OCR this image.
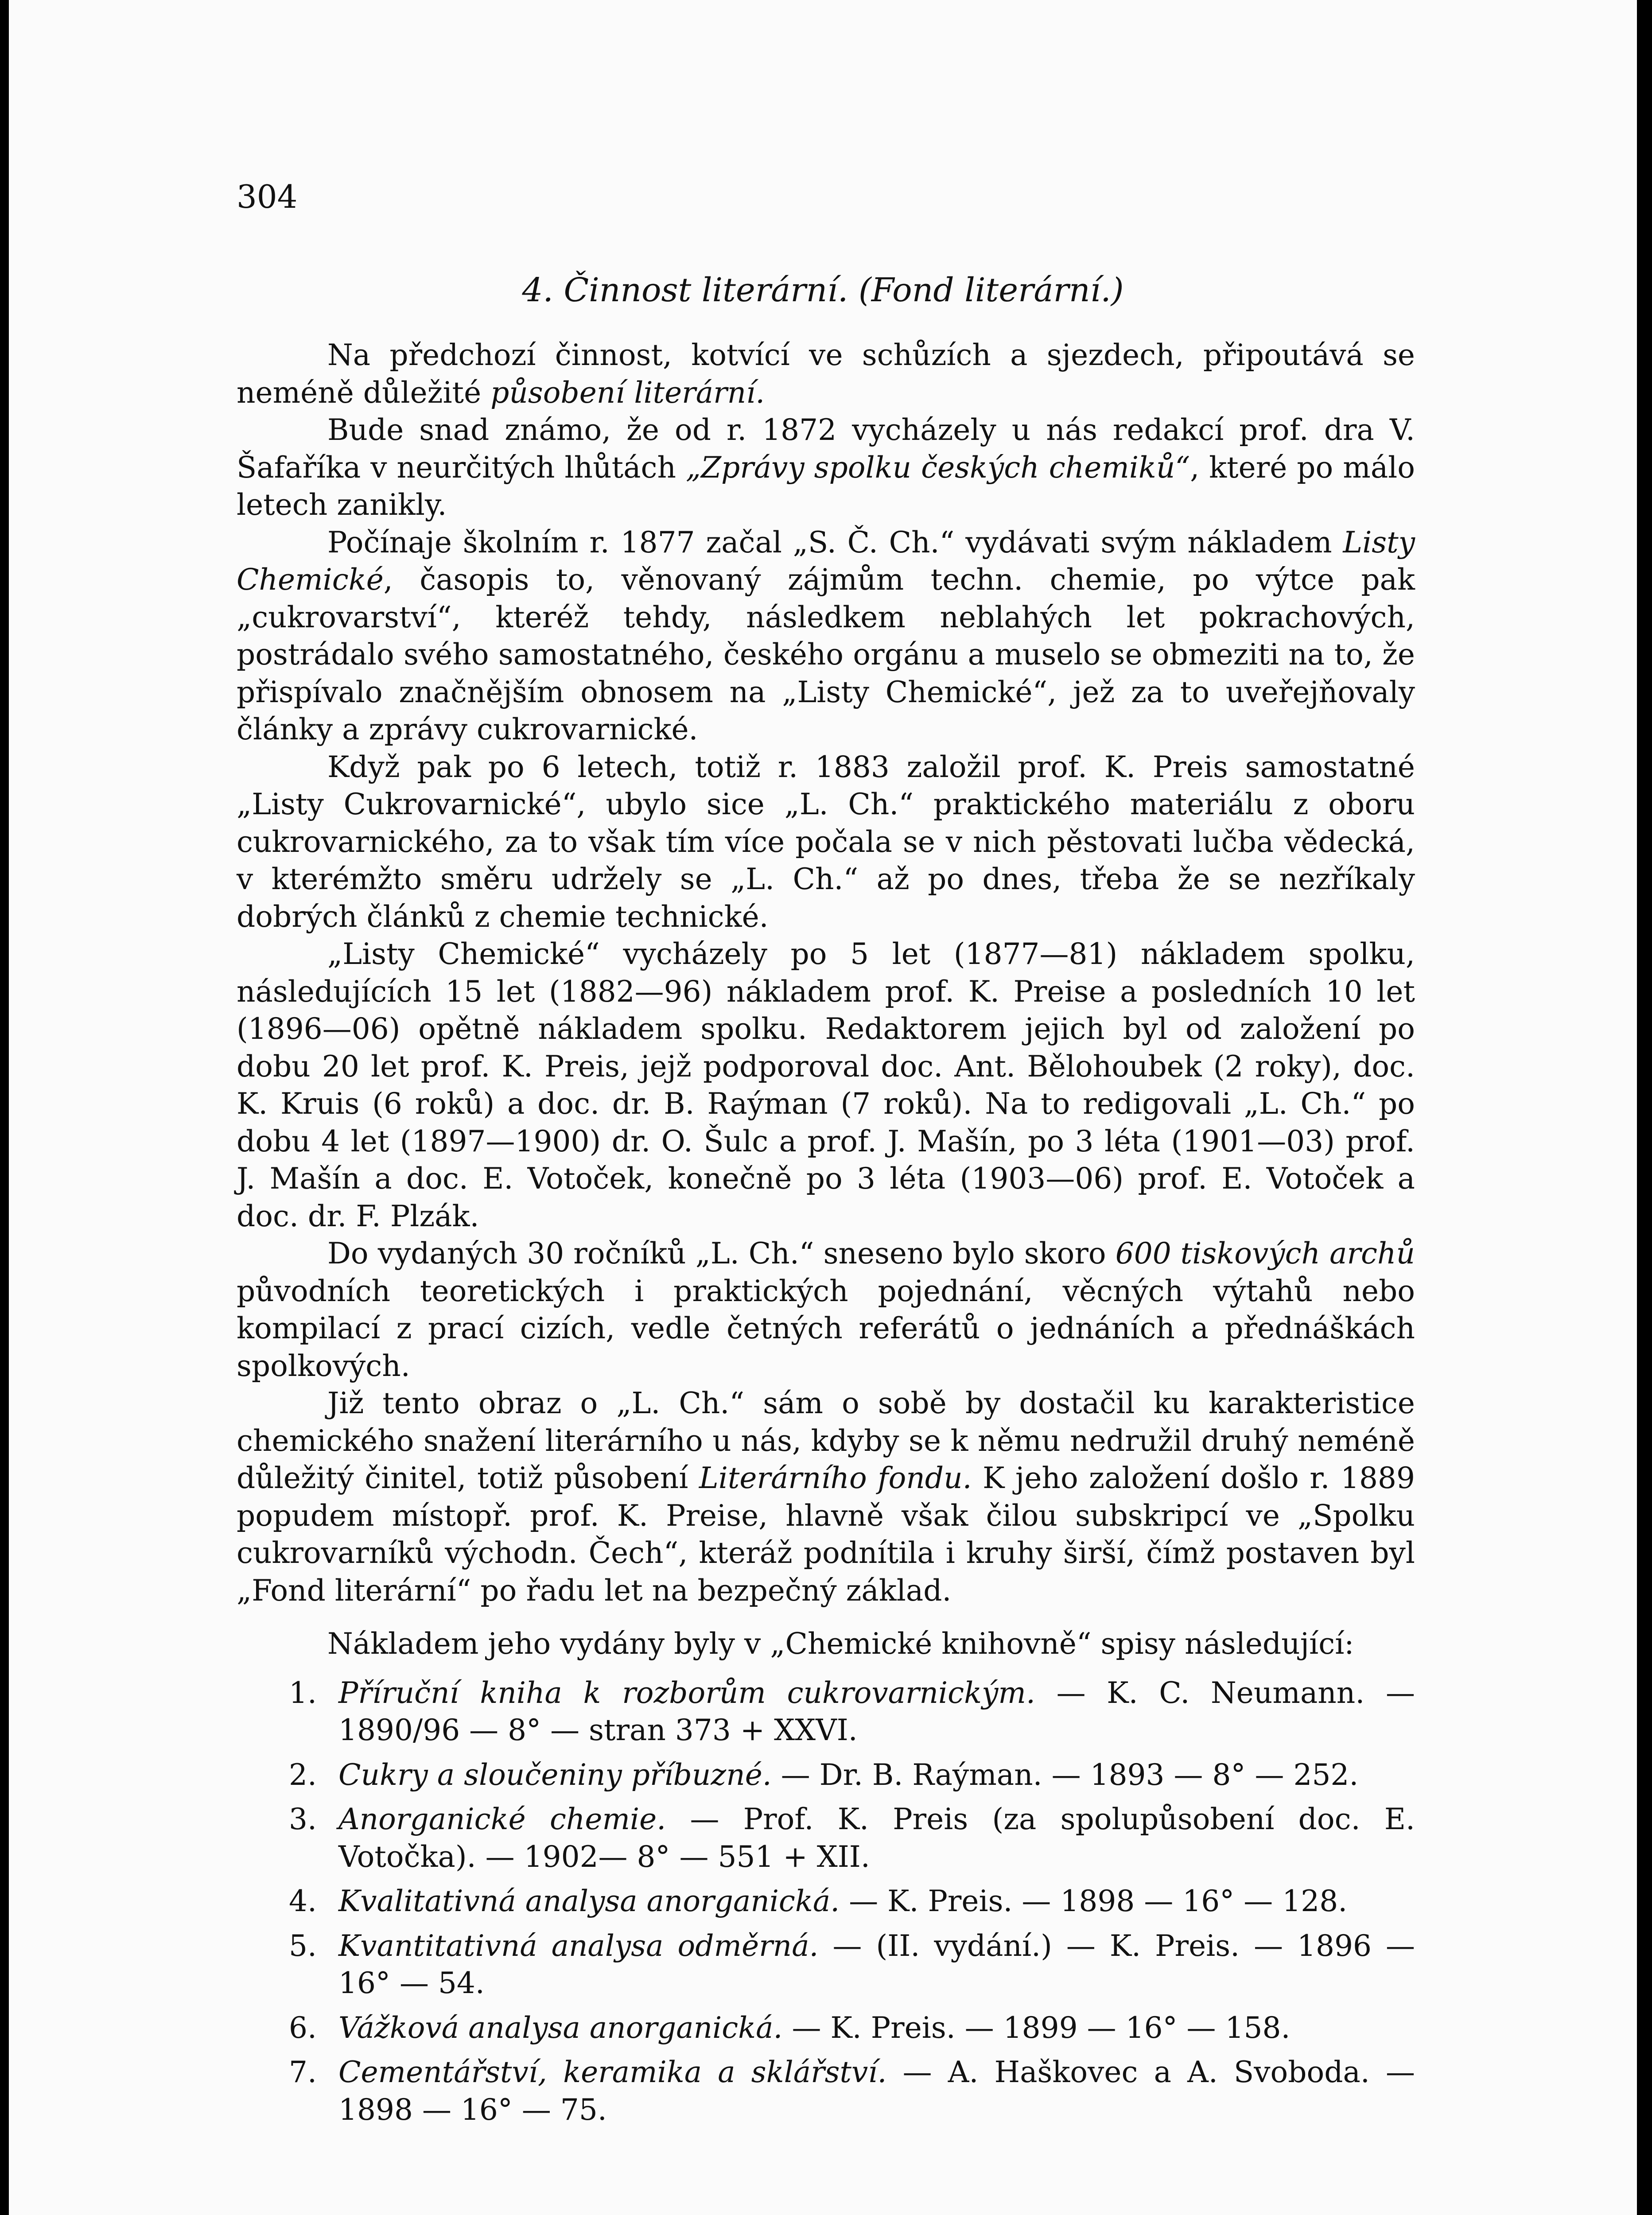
304
4. Činnost literární. (Fond literární.)

Na předchozí činnost, kotvící ve schůzích a sjezdech, připoutává se neméně důležité působení literární.

Bude snad známo, že od r. 1872 vycházely u nás redakcí prof. dra V. Šafaříka v neurčitých lhůtách „Zprávy spolku českých chemiků“, které po málo letech zanikly.

Počínaje školním r. 1877 začal „S. Č. Ch.“ vydávati svým nákladem Listy Chemické, časopis to, věnovaný zájmům techn. chemie, po výtce pak „cukrovarství“, kteréž tehdy, následkem neblahých let pokrachových, postrádalo svého samostatného, českého orgánu a muselo se obmeziti na to, že přispívalo značnějším obnosem na „Listy Chemické“, jež za to uveřejňovaly články a zprávy cukrovarnické.

Když pak po 6 letech, totiž r. 1883 založil prof. K. Preis samostatné „Listy Cukrovarnické“, ubylo sice „L. Ch.“ praktického materiálu z oboru cukrovarnického, za to však tím více počala se v nich pěstovati lučba vědecká, v kterémžto směru udržely se „L. Ch.“ až po dnes, třeba že se nezříkaly dobrých článků z chemie technické.

„Listy Chemické“ vycházely po 5 let (1877—81) nákladem spolku, následujících 15 let (1882—96) nákladem prof. K. Preise a posledních 10 let (1896—06) opětně nákladem spolku. Redaktorem jejich byl od založení po dobu 20 let prof. K. Preis, jejž podporoval doc. Ant. Bělohoubek (2 roky), doc. K. Kruis (6 roků) a doc. dr. B. Raýman (7 roků). Na to redigovali „L. Ch.“ po dobu 4 let (1897—1900) dr. O. Šulc a prof. J. Mašín, po 3 léta (1901—03) prof. J. Mašín a doc. E. Votoček, konečně po 3 léta (1903—06) prof. E. Votoček a doc. dr. F. Plzák.

Do vydaných 30 ročníků „L. Ch.“ sneseno bylo skoro 600 tiskových archů původních teoretických i praktických pojednání, věcných výtahů nebo kompilací z prací cizích, vedle četných referátů o jednáních a přednáškách spolkových.

Již tento obraz o „L. Ch.“ sám o sobě by dostačil ku karakteristice chemického snažení literárního u nás, kdyby se k němu nedružil druhý neméně důležitý činitel, totiž působení Literárního fondu. K jeho založení došlo r. 1889 popudem místopř. prof. K. Preise, hlavně však čilou subskripcí ve „Spolku cukrovarníků východn. Čech“, kteráž podnítila i kruhy širší, čímž postaven byl „Fond literární“ po řadu let na bezpečný základ.

Nákladem jeho vydány byly v „Chemické knihovně“ spisy následující:

1. Příruční kniha k rozborům cukrovarnickým. — K. C. Neumann. — 1890/96 — 8° — stran 373 + XXVI.
2. Cukry a sloučeniny příbuzné. — Dr. B. Raýman. — 1893 — 8° — 252.
3. Anorganické chemie. — Prof. K. Preis (za spolupůsobení doc. E. Votočka). — 1902— 8° — 551 + XII.
4. Kvalitativná analysa anorganická. — K. Preis. — 1898 — 16° — 128.
5. Kvantitativná analysa odměrná. — (II. vydání.) — K. Preis. — 1896 — 16° — 54.
6. Vážková analysa anorganická. — K. Preis. — 1899 — 16° — 158.
7. Cementářství, keramika a sklářství. — A. Haškovec a A. Svoboda. — 1898 — 16° — 75.
